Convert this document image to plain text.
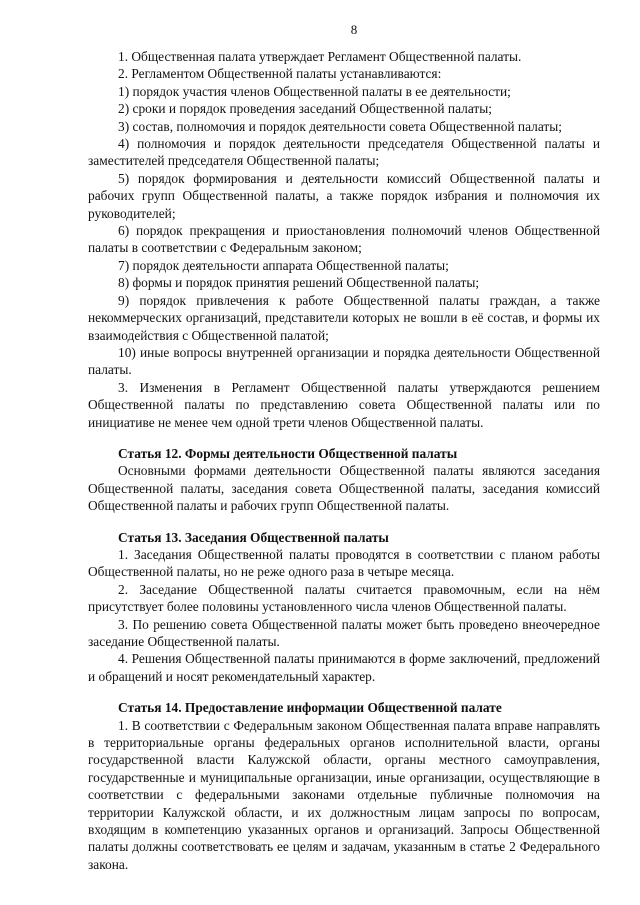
8

1. Общественная палата утверждает Регламент Общественной палаты.

2. Регламентом Общественной палаты устанавливаются:

1) порядок участия членов Общественной палаты в ее деятельности;

2) сроки и порядок проведения заседаний Общественной палаты;

3) состав, полномочия и порядок деятельности совета Общественной палаты;

4) полномочия и порядок деятельности председателя Общественной палаты и заместителей председателя Общественной палаты;

5) порядок формирования и деятельности комиссий Общественной палаты и рабочих групп Общественной палаты, а также порядок избрания и полномочия их руководителей;

6) порядок прекращения и приостановления полномочий членов Общественной палаты в соответствии с Федеральным законом;

7) порядок деятельности аппарата Общественной палаты;

8) формы и порядок принятия решений Общественной палаты;

9) порядок привлечения к работе Общественной палаты граждан, а также некоммерческих организаций, представители которых не вошли в её состав, и формы их взаимодействия с Общественной палатой;

10) иные вопросы внутренней организации и порядка деятельности Общественной палаты.

3. Изменения в Регламент Общественной палаты утверждаются решением Общественной палаты по представлению совета Общественной палаты или по инициативе не менее чем одной трети членов Общественной палаты.

Статья 12. Формы деятельности Общественной палаты

Основными формами деятельности Общественной палаты являются заседания Общественной палаты, заседания совета Общественной палаты, заседания комиссий Общественной палаты и рабочих групп Общественной палаты.

Статья 13. Заседания Общественной палаты

1. Заседания Общественной палаты проводятся в соответствии с планом работы Общественной палаты, но не реже одного раза в четыре месяца.

2. Заседание Общественной палаты считается правомочным, если на нём присутствует более половины установленного числа членов Общественной палаты.

3. По решению совета Общественной палаты может быть проведено внеочередное заседание Общественной палаты.

4. Решения Общественной палаты принимаются в форме заключений, предложений и обращений и носят рекомендательный характер.

Статья 14. Предоставление информации Общественной палате

1. В соответствии с Федеральным законом Общественная палата вправе направлять в территориальные органы федеральных органов исполнительной власти, органы государственной власти Калужской области, органы местного самоуправления, государственные и муниципальные организации, иные организации, осуществляющие в соответствии с федеральными законами отдельные публичные полномочия на территории Калужской области, и их должностным лицам запросы по вопросам, входящим в компетенцию указанных органов и организаций. Запросы Общественной палаты должны соответствовать ее целям и задачам, указанным в статье 2 Федерального закона.
